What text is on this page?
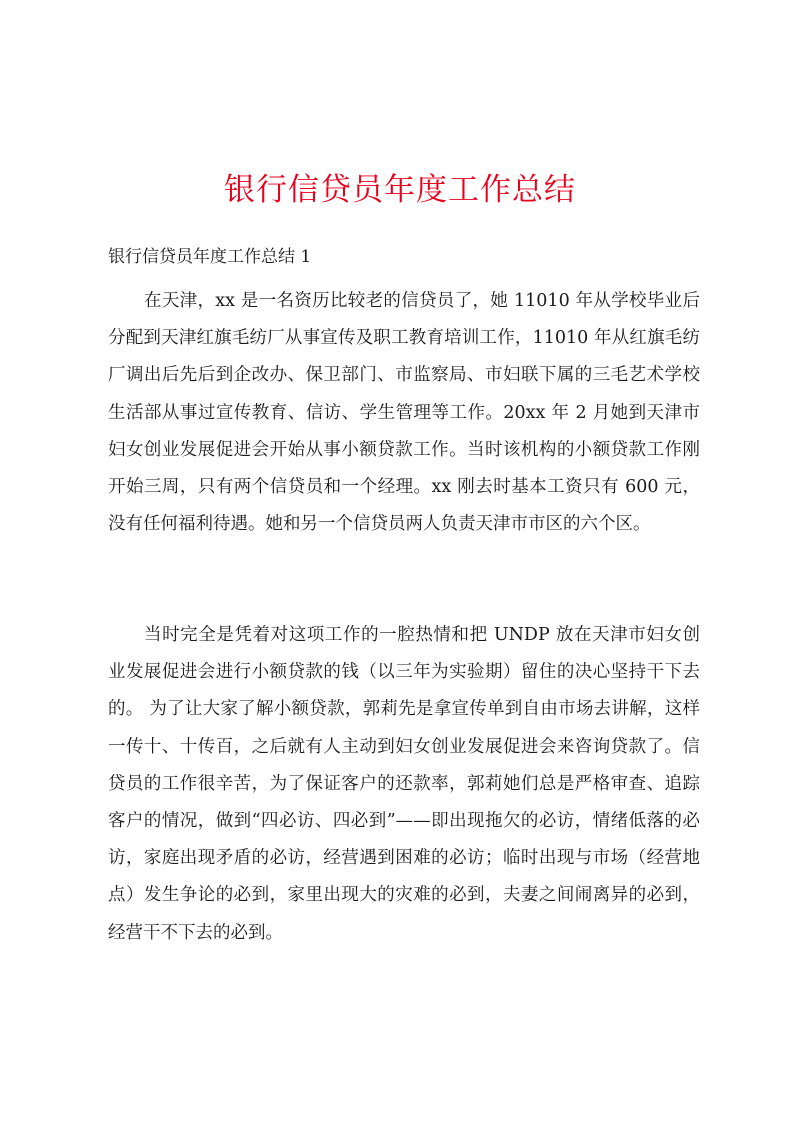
银行信贷员年度工作总结

银行信贷员年度工作总结 1

在天津，xx 是一名资历比较老的信贷员了，她 11010 年从学校毕业后分配到天津红旗毛纺厂从事宣传及职工教育培训工作，11010 年从红旗毛纺厂调出后先后到企改办、保卫部门、市监察局、市妇联下属的三毛艺术学校生活部从事过宣传教育、信访、学生管理等工作。20xx 年 2 月她到天津市妇女创业发展促进会开始从事小额贷款工作。当时该机构的小额贷款工作刚开始三周，只有两个信贷员和一个经理。xx 刚去时基本工资只有 600 元，没有任何福利待遇。她和另一个信贷员两人负责天津市市区的六个区。

当时完全是凭着对这项工作的一腔热情和把 UNDP 放在天津市妇女创业发展促进会进行小额贷款的钱（以三年为实验期）留住的决心坚持干下去的。 为了让大家了解小额贷款，郭莉先是拿宣传单到自由市场去讲解，这样一传十、十传百，之后就有人主动到妇女创业发展促进会来咨询贷款了。信贷员的工作很辛苦，为了保证客户的还款率，郭莉她们总是严格审查、追踪客户的情况，做到“四必访、四必到”——即出现拖欠的必访，情绪低落的必访，家庭出现矛盾的必访，经营遇到困难的必访；临时出现与市场（经营地点）发生争论的必到，家里出现大的灾难的必到，夫妻之间闹离异的必到，经营干不下去的必到。
